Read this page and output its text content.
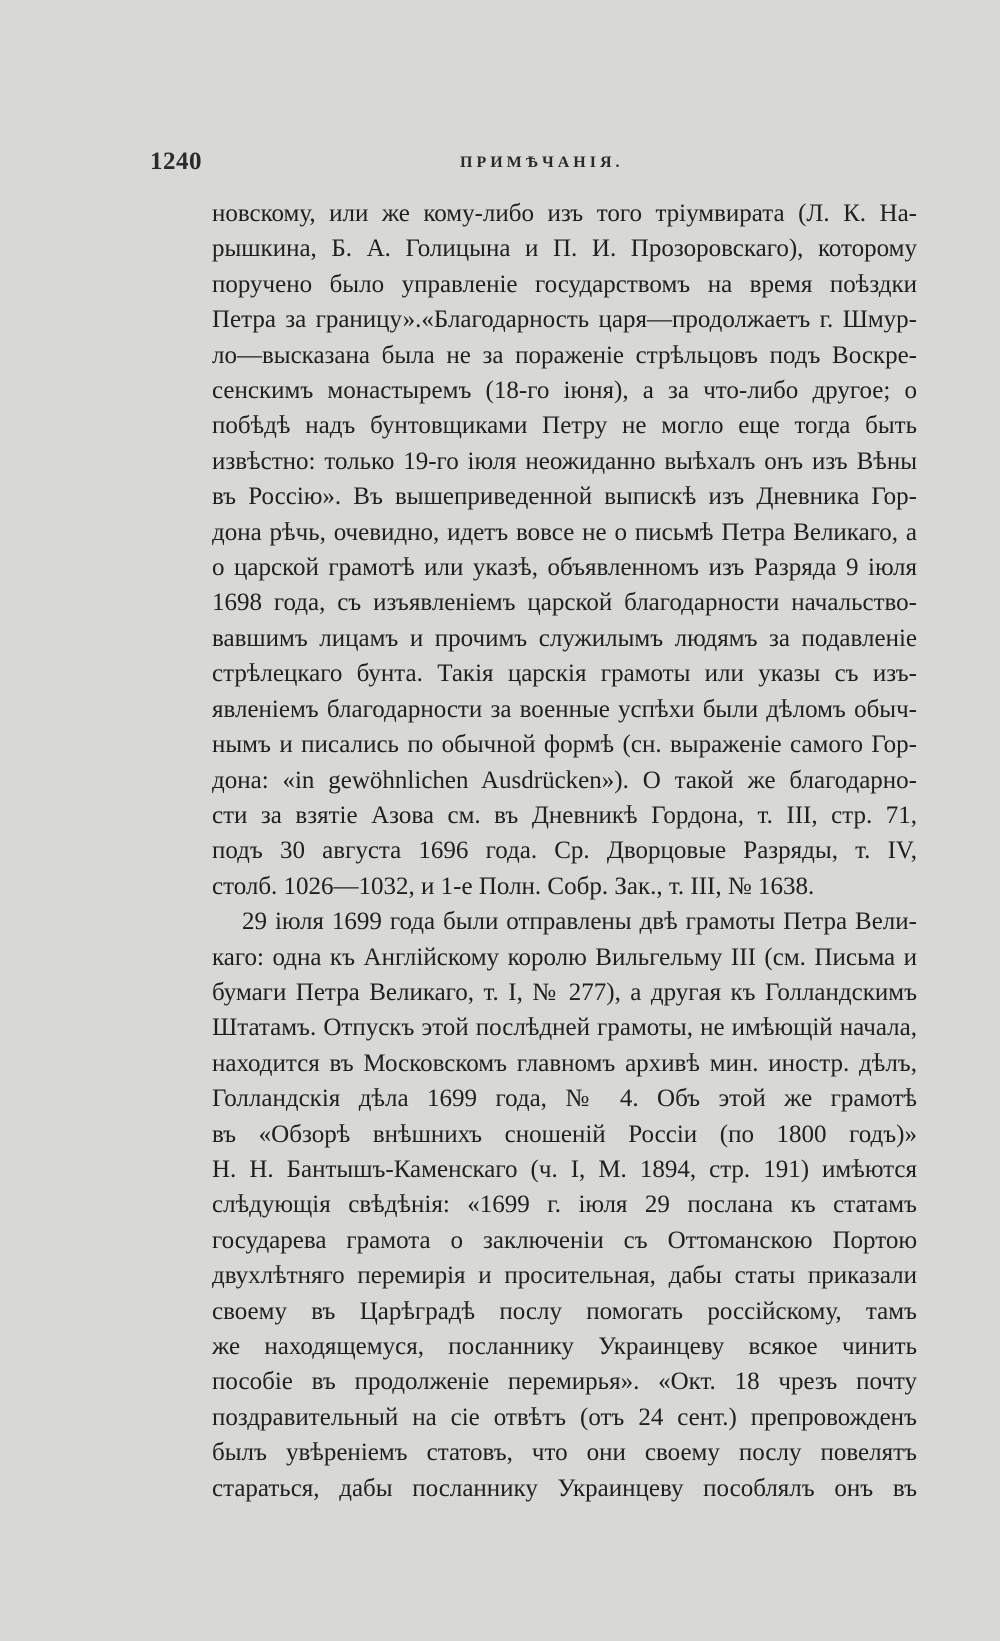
1240	ПРИМѢЧАНІЯ.
новскому, или же кому-либо изъ того тріумвирата (Л. К. На-
рышкина, Б. А. Голицына и П. И. Прозоровскаго), которому
поручено было управленіе государствомъ на время поѣздки
Петра за границу».«Благодарность царя—продолжаетъ г. Шмур-
ло—высказана была не за пораженіе стрѣльцовъ подъ Воскре-
сенскимъ монастыремъ (18-го іюня), а за что-либо другое; о
побѣдѣ надъ бунтовщиками Петру не могло еще тогда быть
извѣстно: только 19-го іюля неожиданно выѣхалъ онъ изъ Вѣны
въ Россію». Въ вышеприведенной выпискѣ изъ Дневника Гор-
дона рѣчь, очевидно, идетъ вовсе не о письмѣ Петра Великаго, а
о царской грамотѣ или указѣ, объявленномъ изъ Разряда 9 іюля
1698 года, съ изъявленіемъ царской благодарности начальство-
вавшимъ лицамъ и прочимъ служилымъ людямъ за подавленіе
стрѣлецкаго бунта. Такія царскія грамоты или указы съ изъ-
явленіемъ благодарности за военные успѣхи были дѣломъ обыч-
нымъ и писались по обычной формѣ (сн. выраженіе самого Гор-
дона: «in gewöhnlichen Ausdrücken»). О такой же благодарно-
сти за взятіе Азова см. въ Дневникѣ Гордона, т. III, стр. 71,
подъ 30 августа 1696 года. Ср. Дворцовые Разряды, т. IV,
столб. 1026—1032, и 1-е Полн. Собр. Зак., т. III, № 1638.
29 іюля 1699 года были отправлены двѣ грамоты Петра Вели-
каго: одна къ Англійскому королю Вильгельму III (см. Письма и
бумаги Петра Великаго, т. I, № 277), а другая къ Голландскимъ
Штатамъ. Отпускъ этой послѣдней грамоты, не имѣющій начала,
находится въ Московскомъ главномъ архивѣ мин. иностр. дѣлъ,
Голландскія дѣла 1699 года, № 4. Объ этой же грамотѣ
въ «Обзорѣ внѣшнихъ сношеній Россіи (по 1800 годъ)»
Н. Н. Бантышъ-Каменскаго (ч. I, М. 1894, стр. 191) имѣются
слѣдующія свѣдѣнія: «1699 г. іюля 29 послана къ статамъ
государева грамота о заключеніи съ Оттоманскою Портою
двухлѣтняго перемирія и просительная, дабы статы приказали
своему въ Царѣградѣ послу помогать россійскому, тамъ
же находящемуся, посланнику Украинцеву всякое чинить
пособіе въ продолженіе перемирья». «Окт. 18 чрезъ почту
поздравительный на сіе отвѣтъ (отъ 24 сент.) препровожденъ
былъ увѣреніемъ статовъ, что они своему послу повелятъ
стараться, дабы посланнику Украинцеву пособлялъ онъ въ
